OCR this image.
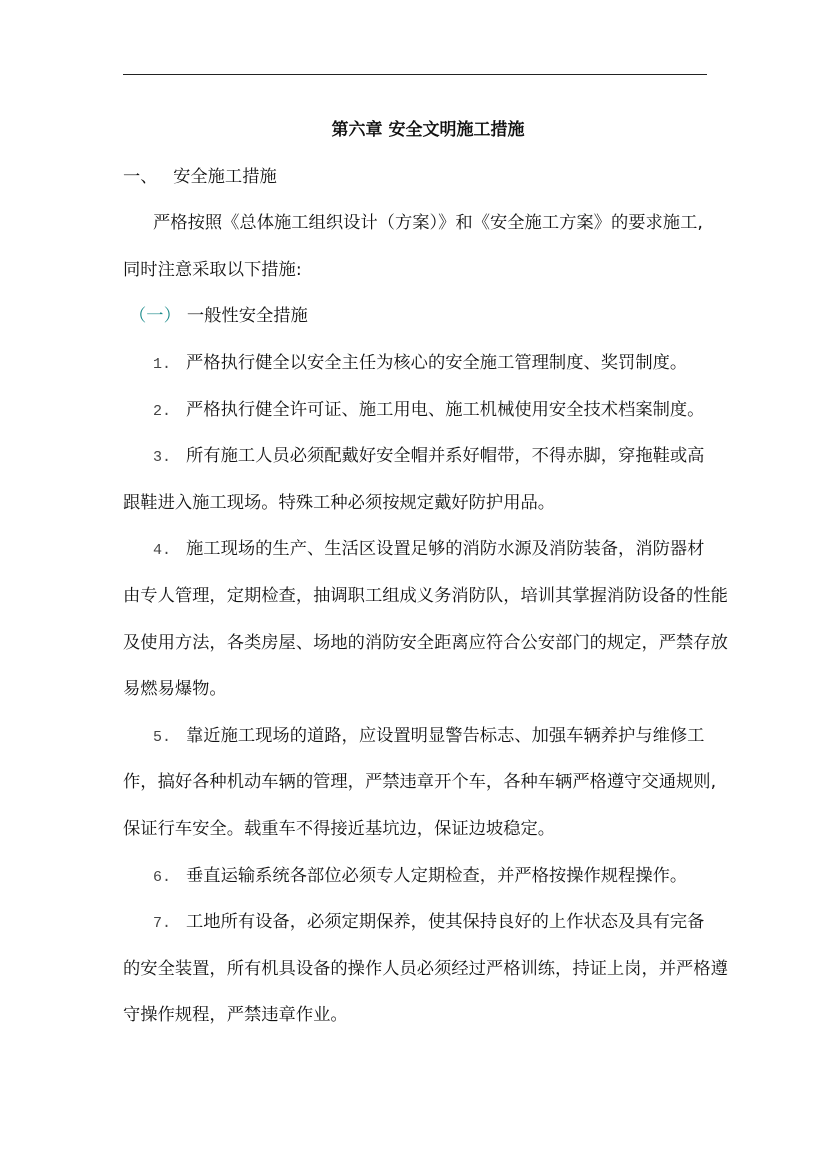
第六章 安全文明施工措施
一、 安全施工措施
严格按照《总体施工组织设计（方案）》和《安全施工方案》的要求施工,
同时注意采取以下措施:
（一） 一般性安全措施
1. 严格执行健全以安全主任为核心的安全施工管理制度、奖罚制度。
2. 严格执行健全许可证、施工用电、施工机械使用安全技术档案制度。
3. 所有施工人员必须配戴好安全帽并系好帽带，不得赤脚，穿拖鞋或高
跟鞋进入施工现场。特殊工种必须按规定戴好防护用品。
4. 施工现场的生产、生活区设置足够的消防水源及消防装备，消防器材
由专人管理，定期检查，抽调职工组成义务消防队，培训其掌握消防设备的性能
及使用方法，各类房屋、场地的消防安全距离应符合公安部门的规定，严禁存放
易燃易爆物。
5. 靠近施工现场的道路，应设置明显警告标志、加强车辆养护与维修工
作，搞好各种机动车辆的管理，严禁违章开个车，各种车辆严格遵守交通规则,
保证行车安全。载重车不得接近基坑边，保证边坡稳定。
6. 垂直运输系统各部位必须专人定期检查，并严格按操作规程操作。
7. 工地所有设备，必须定期保养，使其保持良好的上作状态及具有完备
的安全装置，所有机具设备的操作人员必须经过严格训练，持证上岗，并严格遵
守操作规程，严禁违章作业。
